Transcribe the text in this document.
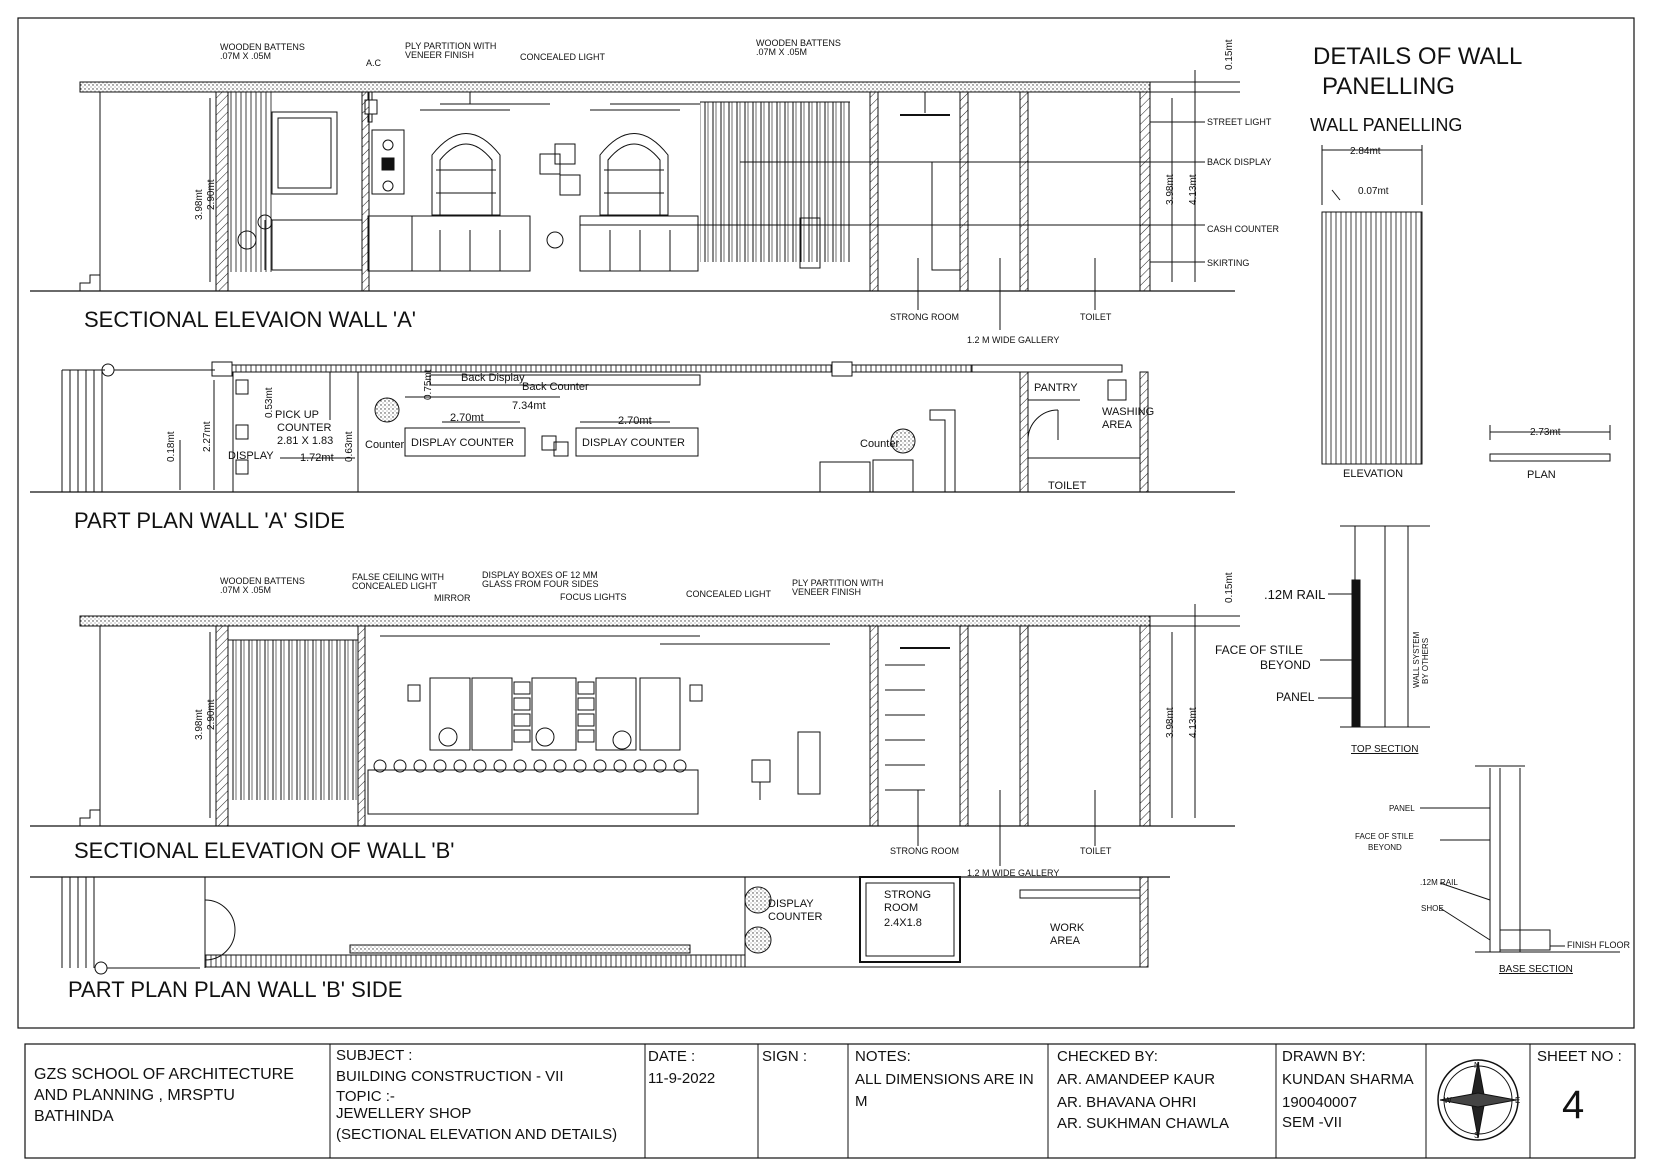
WOODEN BATTENS
.07M X .05M
A.C
PLY PARTITION WITH
VENEER FINISH	CONCEALED LIGHT
WOODEN BATTENS
.07M X .05M
STREET LIGHT
BACK DISPLAY
CASH COUNTER
SKIRTING
STRONG ROOM
1.2 M WIDE GALLERY
TOILET
3.98mt 2.90mt	3.98mt 4.13mt
0.15mt
3.98mt 2.90mt	3.98mt 4.13mt
0.15mt
SECTIONAL ELEVAION WALL 'A'
PART PLAN WALL 'A' SIDE
SECTIONAL ELEVATION OF WALL 'B'
PART PLAN PLAN WALL 'B' SIDE
Back Display
Back Counter
PICK UP
COUNTER
2.81 X 1.83
DISPLAY
Counter DISPLAY COUNTER	DISPLAY COUNTER	Counter
PANTRY
WASHING
AREA
TOILET
7.34mt
2.70mt	2.70mt
1.72mt
0.53mt
0.75mt
0.63mt
2.27mt
0.18mt
WOODEN BATTENS
.07M X .05M
FALSE CEILING WITH
CONCEALED LIGHT
MIRROR
DISPLAY BOXES OF 12 MM
GLASS FROM FOUR SIDES
FOCUS LIGHTS	CONCEALED LIGHT
PLY PARTITION WITH
VENEER FINISH
STRONG ROOM
1.2 M WIDE GALLERY
TOILET
DISPLAY
COUNTER
STRONG
ROOM
2.4X1.8	WORK
AREA
DETAILS OF WALL
PANELLING
WALL PANELLING
2.84mt
0.07mt
ELEVATION
2.73mt
PLAN
.12M RAIL
FACE OF STILE
BEYOND
PANEL
WALL SYSTEM BY OTHERS
TOP SECTION
PANEL
FACE OF STILE
BEYOND
.12M RAIL
SHOE
FINISH FLOOR
BASE SECTION
GZS SCHOOL OF ARCHITECTURE
AND PLANNING , MRSPTU
BATHINDA
SUBJECT :
BUILDING CONSTRUCTION - VII
TOPIC :-
JEWELLERY SHOP
(SECTIONAL ELEVATION AND DETAILS)
DATE :
11-9-2022
SIGN :	NOTES:
ALL DIMENSIONS ARE IN
M
CHECKED BY:
AR. AMANDEEP KAUR
AR. BHAVANA OHRI
AR. SUKHMAN CHAWLA
DRAWN BY:
KUNDAN SHARMA
190040007
SEM -VII
N
E
S
W
SHEET NO :
4
